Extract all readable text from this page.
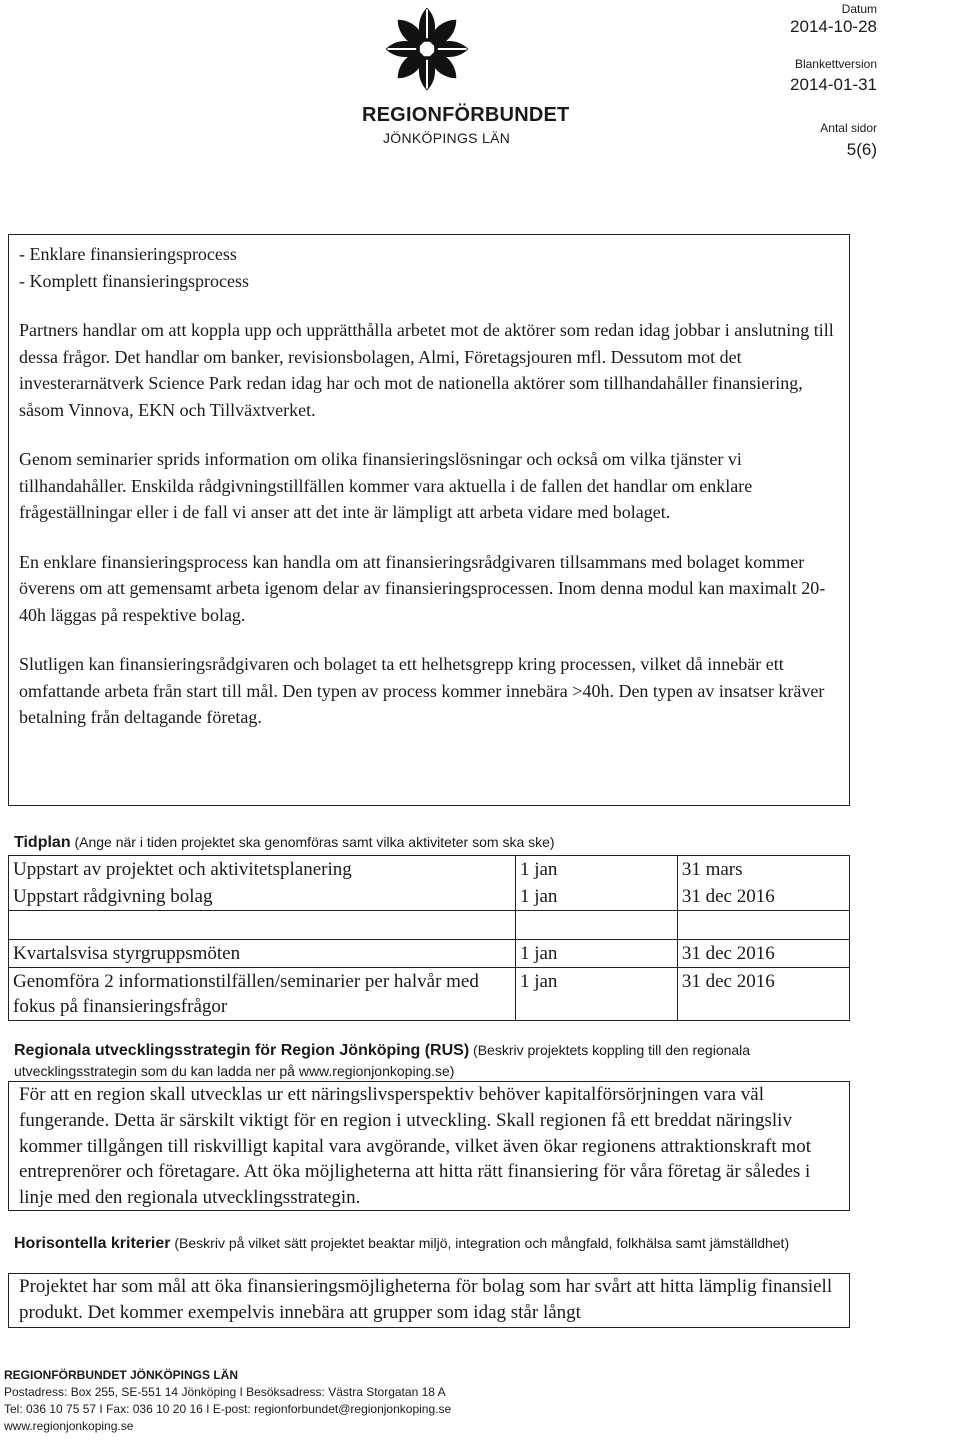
REGIONFÖRBUNDET
JÖNKÖPINGS LÄN
Datum
2014-10-28
Blankettversion
2014-01-31
Antal sidor
5(6)

- Enklare finansieringsprocess

- Komplett finansieringsprocess

Partners handlar om att koppla upp och upprätthålla arbetet mot de aktörer som redan idag jobbar i anslutning till dessa frågor. Det handlar om banker, revisionsbolagen, Almi, Företagsjouren mfl. Dessutom mot det investerarnätverk Science Park redan idag har och mot de nationella aktörer som tillhandahåller finansiering, såsom Vinnova, EKN och Tillväxtverket.

Genom seminarier sprids information om olika finansieringslösningar och också om vilka tjänster vi tillhandahåller. Enskilda rådgivningstillfällen kommer vara aktuella i de fallen det handlar om enklare frågeställningar eller i de fall vi anser att det inte är lämpligt att arbeta vidare med bolaget.

En enklare finansieringsprocess kan handla om att finansieringsrådgivaren tillsammans med bolaget kommer överens om att gemensamt arbeta igenom delar av finansieringsprocessen. Inom denna modul kan maximalt 20-40h läggas på respektive bolag.

Slutligen kan finansieringsrådgivaren och bolaget ta ett helhetsgrepp kring processen, vilket då innebär ett omfattande arbeta från start till mål. Den typen av process kommer innebära >40h. Den typen av insatser kräver betalning från deltagande företag.

Tidplan (Ange när i tiden projektet ska genomföras samt vilka aktiviteter som ska ske)

Uppstart av projektet och aktivitetsplanering	1 jan	31 mars
Uppstart rådgivning bolag	1 jan	31 dec 2016

Kvartalsvisa styrgruppsmöten	1 jan	31 dec 2016
Genomföra 2 informationstilfällen/seminarier per halvår med fokus på finansieringsfrågor	1 jan	31 dec 2016

Regionala utvecklingsstrategin för Region Jönköping (RUS) (Beskriv projektets koppling till den regionala utvecklingsstrategin som du kan ladda ner på www.regionjonkoping.se)

För att en region skall utvecklas ur ett näringslivsperspektiv behöver kapitalförsörjningen vara väl fungerande. Detta är särskilt viktigt för en region i utveckling. Skall regionen få ett breddat näringsliv kommer tillgången till riskvilligt kapital vara avgörande, vilket även ökar regionens attraktionskraft mot entreprenörer och företagare. Att öka möjligheterna att hitta rätt finansiering för våra företag är således i linje med den regionala utvecklingsstrategin.

Horisontella kriterier (Beskriv på vilket sätt projektet beaktar miljö, integration och mångfald, folkhälsa samt jämställdhet)

Projektet har som mål att öka finansieringsmöjligheterna för bolag som har svårt att hitta lämplig finansiell produkt. Det kommer exempelvis innebära att grupper som idag står långt

REGIONFÖRBUNDET JÖNKÖPINGS LÄN
Postadress: Box 255, SE-551 14 Jönköping I Besöksadress: Västra Storgatan 18 A
Tel: 036 10 75 57 I Fax: 036 10 20 16 I E-post: regionforbundet@regionjonkoping.se
www.regionjonkoping.se
